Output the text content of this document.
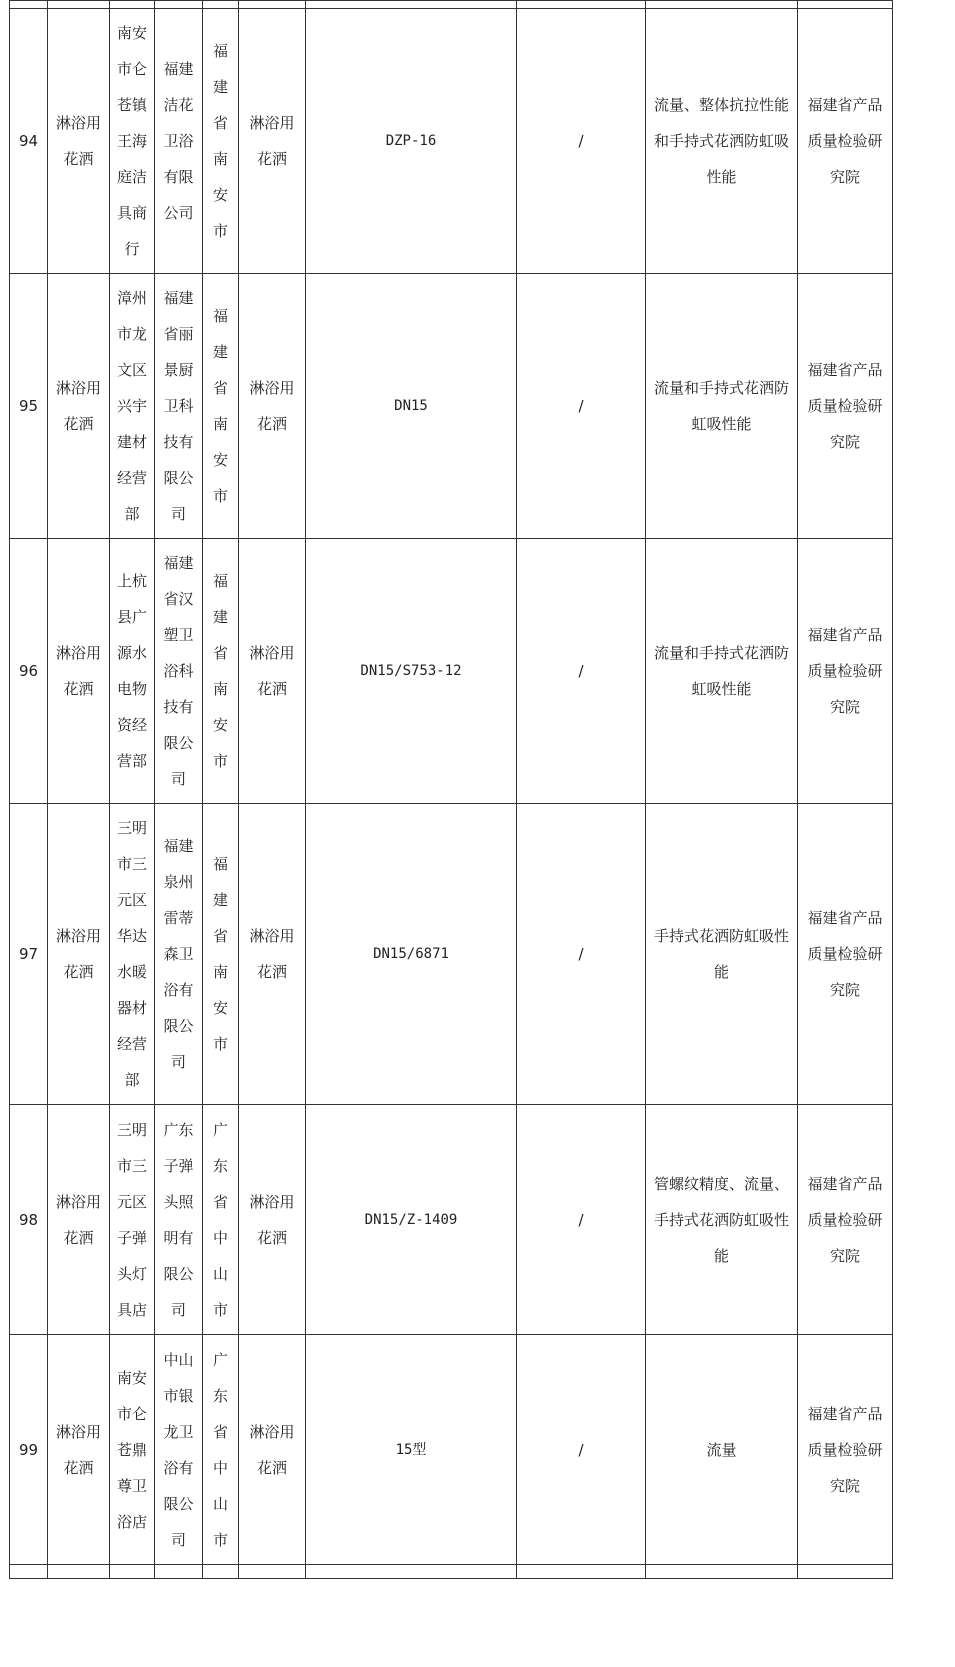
94	淋浴用花洒	南安市仑苍镇王海庭洁具商行	福建洁花卫浴有限公司	福建省南安市	淋浴用花洒	DZP-16	/	流量、整体抗拉性能和手持式花洒防虹吸性能	福建省产品质量检验研究院
95	淋浴用花洒	漳州市龙文区兴宇建材经营部	福建省丽景厨卫科技有限公司	福建省南安市	淋浴用花洒	DN15	/	流量和手持式花洒防虹吸性能	福建省产品质量检验研究院
96	淋浴用花洒	上杭县广源水电物资经营部	福建省汉塑卫浴科技有限公司	福建省南安市	淋浴用花洒	DN15/S753-12	/	流量和手持式花洒防虹吸性能	福建省产品质量检验研究院
97	淋浴用花洒	三明市三元区华达水暖器材经营部	福建泉州雷蒂森卫浴有限公司	福建省南安市	淋浴用花洒	DN15/6871	/	手持式花洒防虹吸性能	福建省产品质量检验研究院
98	淋浴用花洒	三明市三元区子弹头灯具店	广东子弹头照明有限公司	广东省中山市	淋浴用花洒	DN15/Z-1409	/	管螺纹精度、流量、手持式花洒防虹吸性能	福建省产品质量检验研究院
99	淋浴用花洒	南安市仑苍鼎尊卫浴店	中山市银龙卫浴有限公司	广东省中山市	淋浴用花洒	15型	/	流量	福建省产品质量检验研究院
